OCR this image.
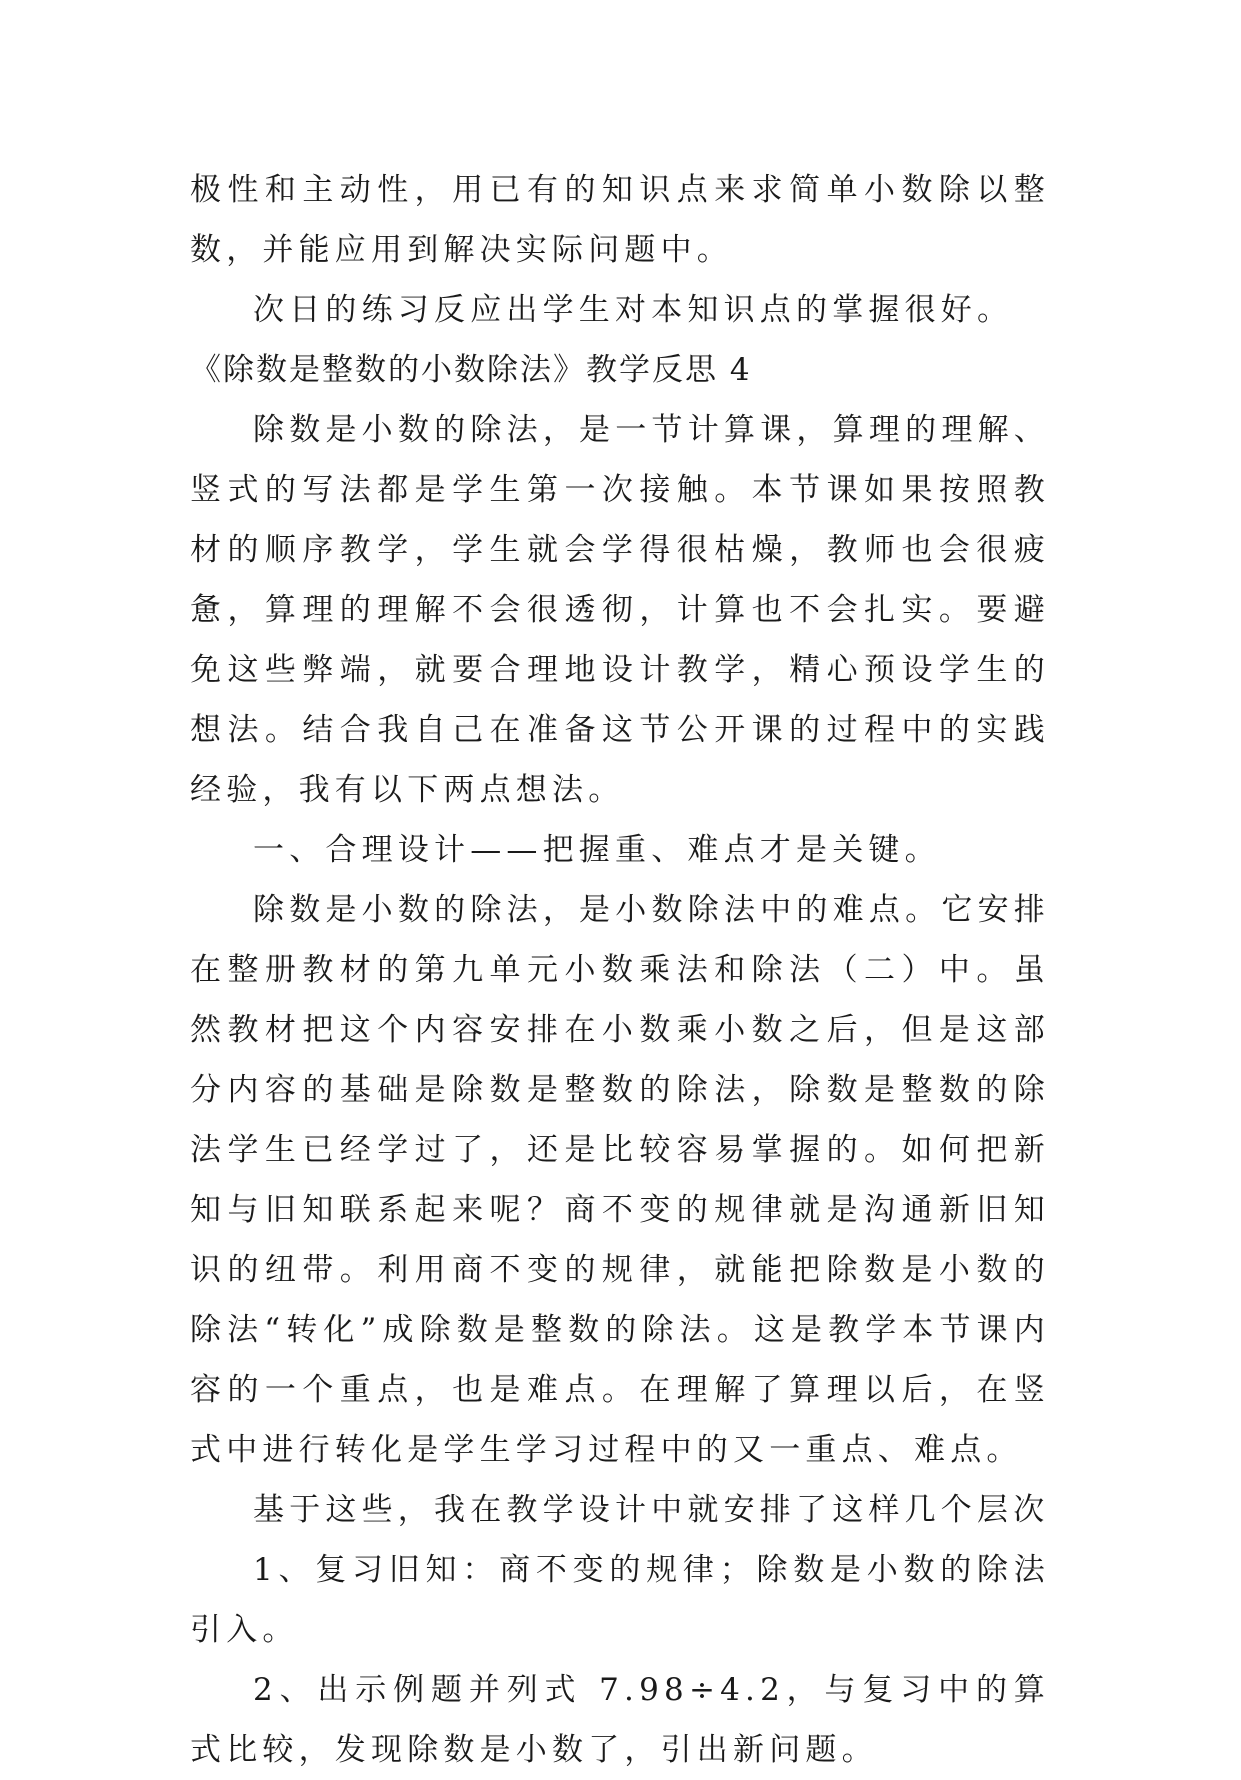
极性和主动性，用已有的知识点来求简单小数除以整数，并能应用到解决实际问题中。

次日的练习反应出学生对本知识点的掌握很好。

《除数是整数的小数除法》教学反思 4

除数是小数的除法，是一节计算课，算理的理解、竖式的写法都是学生第一次接触。本节课如果按照教材的顺序教学，学生就会学得很枯燥，教师也会很疲惫，算理的理解不会很透彻，计算也不会扎实。要避免这些弊端，就要合理地设计教学，精心预设学生的想法。结合我自己在准备这节公开课的过程中的实践经验，我有以下两点想法。

一、合理设计——把握重、难点才是关键。

除数是小数的除法，是小数除法中的难点。它安排在整册教材的第九单元小数乘法和除法（二）中。虽然教材把这个内容安排在小数乘小数之后，但是这部分内容的基础是除数是整数的除法，除数是整数的除法学生已经学过了，还是比较容易掌握的。如何把新知与旧知联系起来呢？商不变的规律就是沟通新旧知识的纽带。利用商不变的规律，就能把除数是小数的除法“转化”成除数是整数的除法。这是教学本节课内容的一个重点，也是难点。在理解了算理以后，在竖式中进行转化是学生学习过程中的又一重点、难点。

基于这些，我在教学设计中就安排了这样几个层次

1、复习旧知：商不变的规律；除数是小数的除法引入。

2、出示例题并列式 7.98÷4.2，与复习中的算式比较，发现除数是小数了，引出新问题。
